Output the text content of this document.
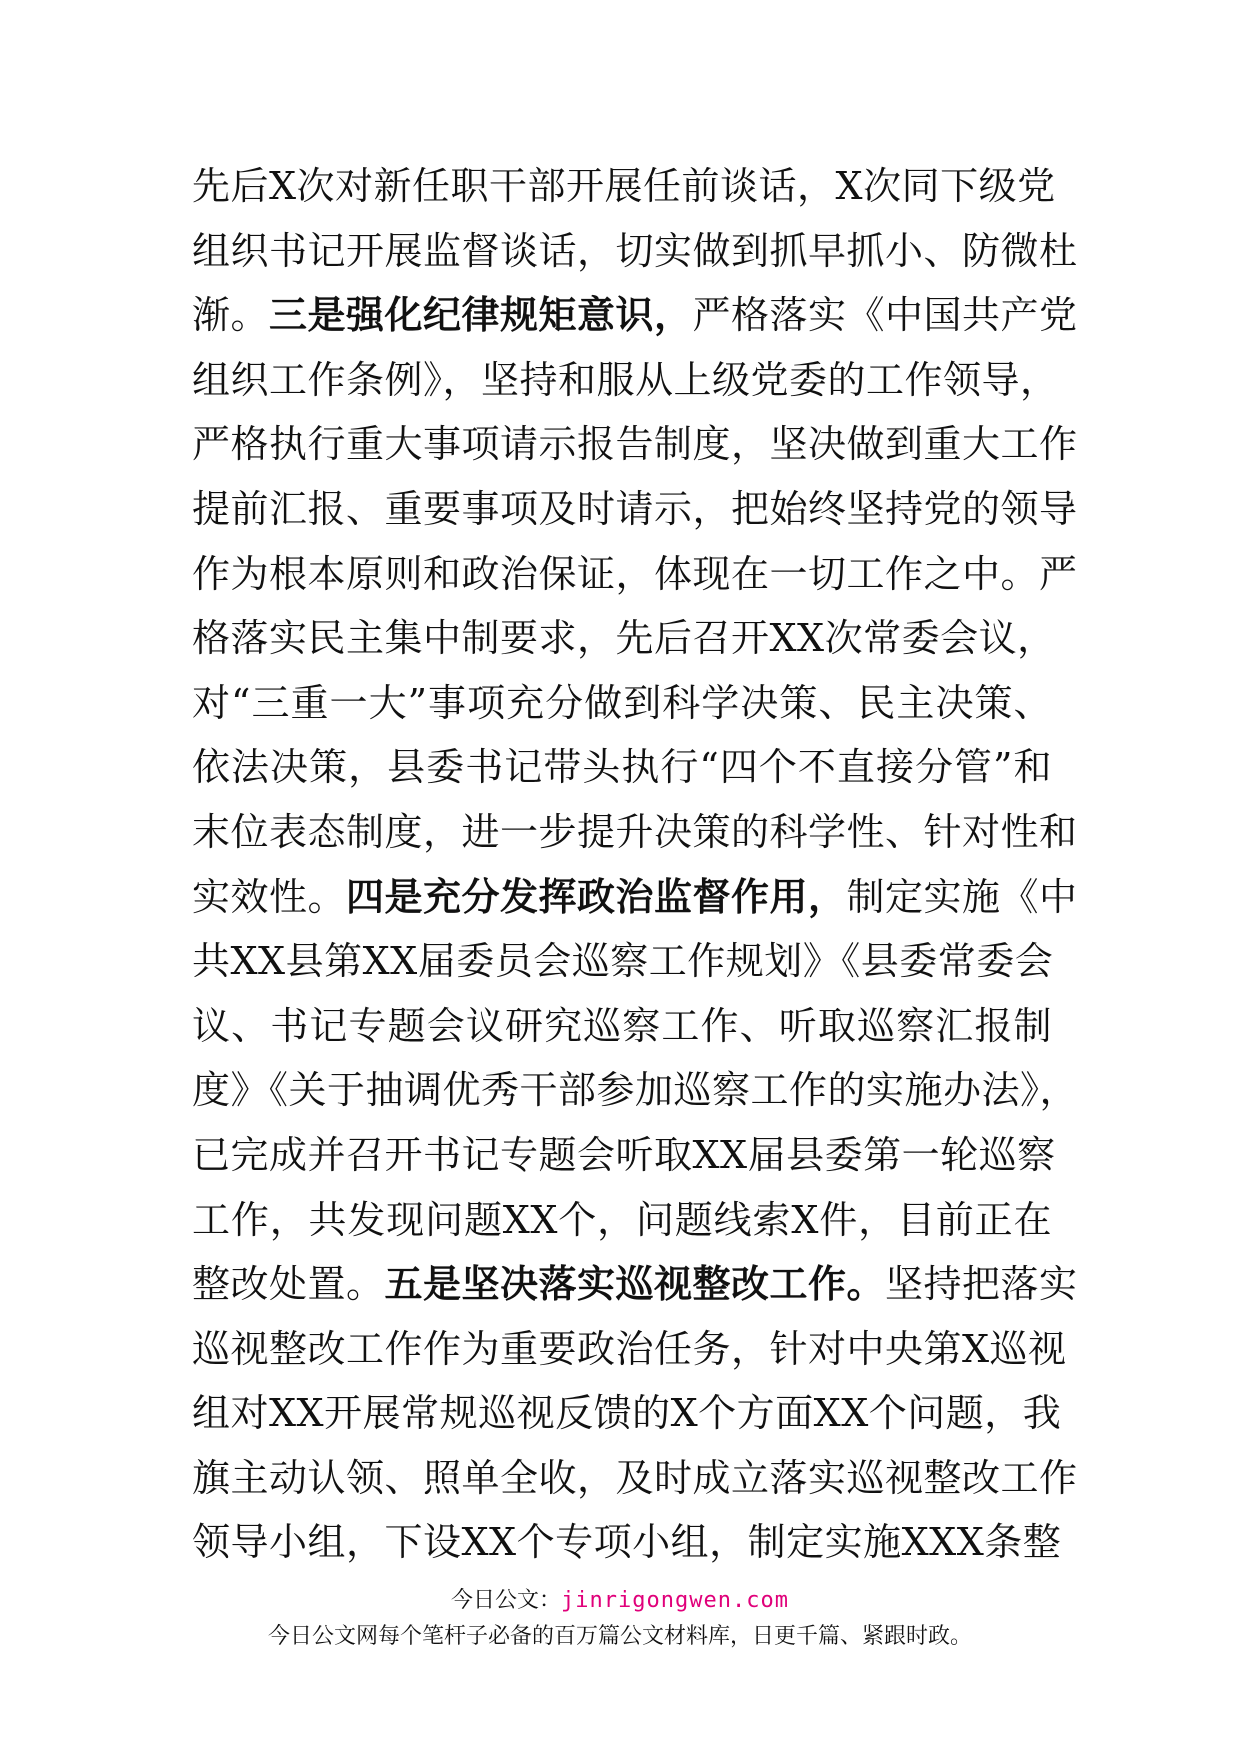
先后X次对新任职干部开展任前谈话，X次同下级党
组织书记开展监督谈话，切实做到抓早抓小、防微杜
渐。三是强化纪律规矩意识，严格落实《中国共产党
组织工作条例》，坚持和服从上级党委的工作领导，
严格执行重大事项请示报告制度，坚决做到重大工作
提前汇报、重要事项及时请示，把始终坚持党的领导
作为根本原则和政治保证，体现在一切工作之中。严
格落实民主集中制要求，先后召开XX次常委会议，
对“三重一大”事项充分做到科学决策、民主决策、
依法决策，县委书记带头执行“四个不直接分管”和
末位表态制度，进一步提升决策的科学性、针对性和
实效性。四是充分发挥政治监督作用，制定实施《中
共XX县第XX届委员会巡察工作规划》《县委常委会
议、书记专题会议研究巡察工作、听取巡察汇报制
度》《关于抽调优秀干部参加巡察工作的实施办法》，
已完成并召开书记专题会听取XX届县委第一轮巡察
工作，共发现问题XX个，问题线索X件，目前正在
整改处置。五是坚决落实巡视整改工作。坚持把落实
巡视整改工作作为重要政治任务，针对中央第X巡视
组对XX开展常规巡视反馈的X个方面XX个问题，我
旗主动认领、照单全收，及时成立落实巡视整改工作
领导小组，下设XX个专项小组，制定实施XXX条整
今日公文：jinrigongwen.com
今日公文网每个笔杆子必备的百万篇公文材料库，日更千篇、紧跟时政。
